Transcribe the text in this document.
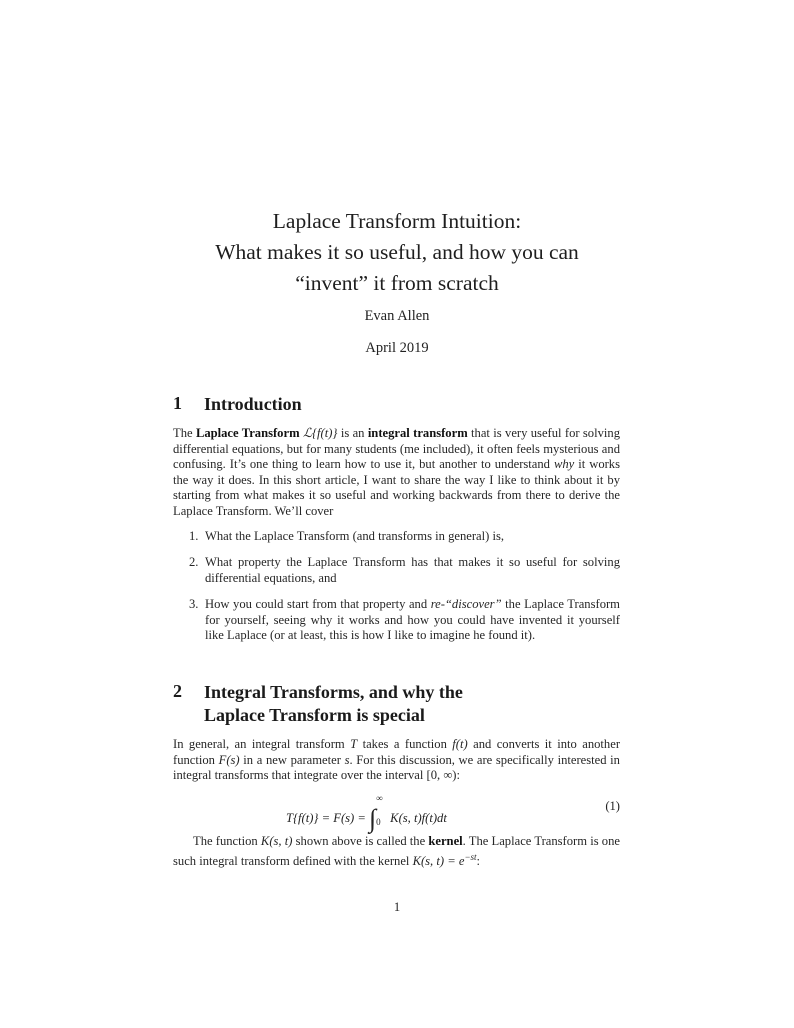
Laplace Transform Intuition:
What makes it so useful, and how you can
“invent” it from scratch
Evan Allen
April 2019
1 Introduction
The Laplace Transform ℒ{f(t)} is an integral transform that is very useful for solving differential equations, but for many students (me included), it often feels mysterious and confusing. It’s one thing to learn how to use it, but another to understand why it works the way it does. In this short article, I want to share the way I like to think about it by starting from what makes it so useful and working backwards from there to derive the Laplace Transform. We’ll cover
1. What the Laplace Transform (and transforms in general) is,
2. What property the Laplace Transform has that makes it so useful for solving differential equations, and
3. How you could start from that property and re-“discover” the Laplace Transform for yourself, seeing why it works and how you could have invented it yourself like Laplace (or at least, this is how I like to imagine he found it).
2 Integral Transforms, and why the
Laplace Transform is special
In general, an integral transform T takes a function f(t) and converts it into another function F(s) in a new parameter s. For this discussion, we are specifically interested in integral transforms that integrate over the interval [0, ∞):
T{f(t)} = F(s) = ∫
∞
0 K(s, t)f(t)dt
(1)
The function K(s, t) shown above is called the kernel. The Laplace Transform is one such integral transform defined with the kernel K(s, $t) = e^{-st}$:
1
